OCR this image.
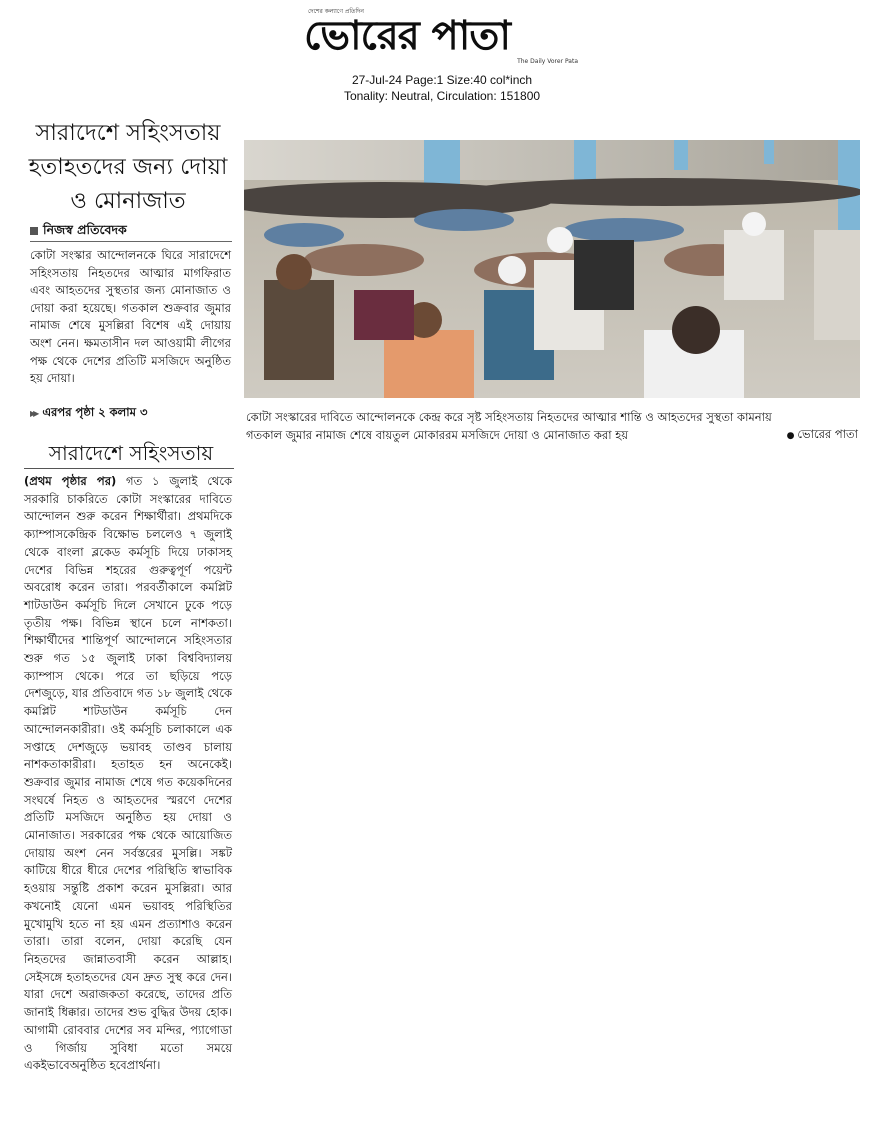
দেশের কল্যাণে প্রতিদিন
ভোরের পাতা
The Daily Vorer Pata
27-Jul-24 Page:1 Size:40 col*inch
Tonality: Neutral, Circulation: 151800
সারাদেশে সহিংসতায় হতাহতদের জন্য দোয়া ও মোনাজাত
নিজস্ব প্রতিবেদক
কোটা সংস্কার আন্দোলনকে ঘিরে সারাদেশে সহিংসতায় নিহতদের আত্মার মাগফিরাত এবং আহতদের সুস্থতার জন্য মোনাজাত ও দোয়া করা হয়েছে। গতকাল শুক্রবার জুমার নামাজ শেষে মুসল্লিরা বিশেষ এই দোয়ায় অংশ নেন। ক্ষমতাসীন দল আওয়ামী লীগের পক্ষ থেকে দেশের প্রতিটি মসজিদে অনুষ্ঠিত হয় দোয়া।
▶▶ এরপর পৃষ্ঠা ২ কলাম ৩
সারাদেশে সহিংসতায়
(প্রথম পৃষ্ঠার পর) গত ১ জুলাই থেকে সরকারি চাকরিতে কোটা সংস্কারের দাবিতে আন্দোলন শুরু করেন শিক্ষার্থীরা। প্রথমদিকে ক্যাম্পাসকেন্দ্রিক বিক্ষোভ চললেও ৭ জুলাই থেকে বাংলা ব্লকেড কর্মসূচি দিয়ে ঢাকাসহ দেশের বিভিন্ন শহরের গুরুত্বপূর্ণ পয়েন্ট অবরোধ করেন তারা। পরবর্তীকালে কমপ্লিট শাটডাউন কর্মসূচি দিলে সেখানে ঢুকে পড়ে তৃতীয় পক্ষ। বিভিন্ন স্থানে চলে নাশকতা। শিক্ষার্থীদের শান্তিপূর্ণ আন্দোলনে সহিংসতার শুরু গত ১৫ জুলাই ঢাকা বিশ্ববিদ্যালয় ক্যাম্পাস থেকে। পরে তা ছড়িয়ে পড়ে দেশজুড়ে, যার প্রতিবাদে গত ১৮ জুলাই থেকে কমপ্লিট শাটডাউন কর্মসূচি দেন আন্দোলনকারীরা। ওই কর্মসূচি চলাকালে এক সপ্তাহে দেশজুড়ে ভয়াবহ তাণ্ডব চালায় নাশকতাকারীরা। হতাহত হন অনেকেই। শুক্রবার জুমার নামাজ শেষে গত কয়েকদিনের সংঘর্ষে নিহত ও আহতদের স্মরণে দেশের প্রতিটি মসজিদে অনুষ্ঠিত হয় দোয়া ও মোনাজাত। সরকারের পক্ষ থেকে আয়োজিত দোয়ায় অংশ নেন সর্বস্তরের মুসল্লি। সঙ্কট কাটিয়ে ধীরে ধীরে দেশের পরিস্থিতি স্বাভাবিক হওয়ায় সন্তুষ্টি প্রকাশ করেন মুসল্লিরা। আর কখনোই যেনো এমন ভয়াবহ পরিস্থিতির মুখোমুখি হতে না হয় এমন প্রত্যাশাও করেন তারা। তারা বলেন, দোয়া করেছি যেন নিহতদের জান্নাতবাসী করেন আল্লাহ। সেইসঙ্গে হতাহতদের যেন দ্রুত সুস্থ করে দেন। যারা দেশে অরাজকতা করেছে, তাদের প্রতি জানাই ধিক্কার। তাদের শুভ বুদ্ধির উদয় হোক। আগামী রোববার দেশের সব মন্দির, প্যাগোডা ও গির্জায় সুবিধা মতো সময়ে একইভাবেঅনুষ্ঠিত হবেপ্রার্থনা।
কোটা সংস্কারের দাবিতে আন্দোলনকে কেন্দ্র করে সৃষ্ট সহিংসতায় নিহতদের আত্মার শান্তি ও আহতদের সুস্থতা কামনায়
গতকাল জুমার নামাজ শেষে বায়তুল মোকাররম মসজিদে দোয়া ও মোনাজাত করা হয়
●	ভোরের পাতা
